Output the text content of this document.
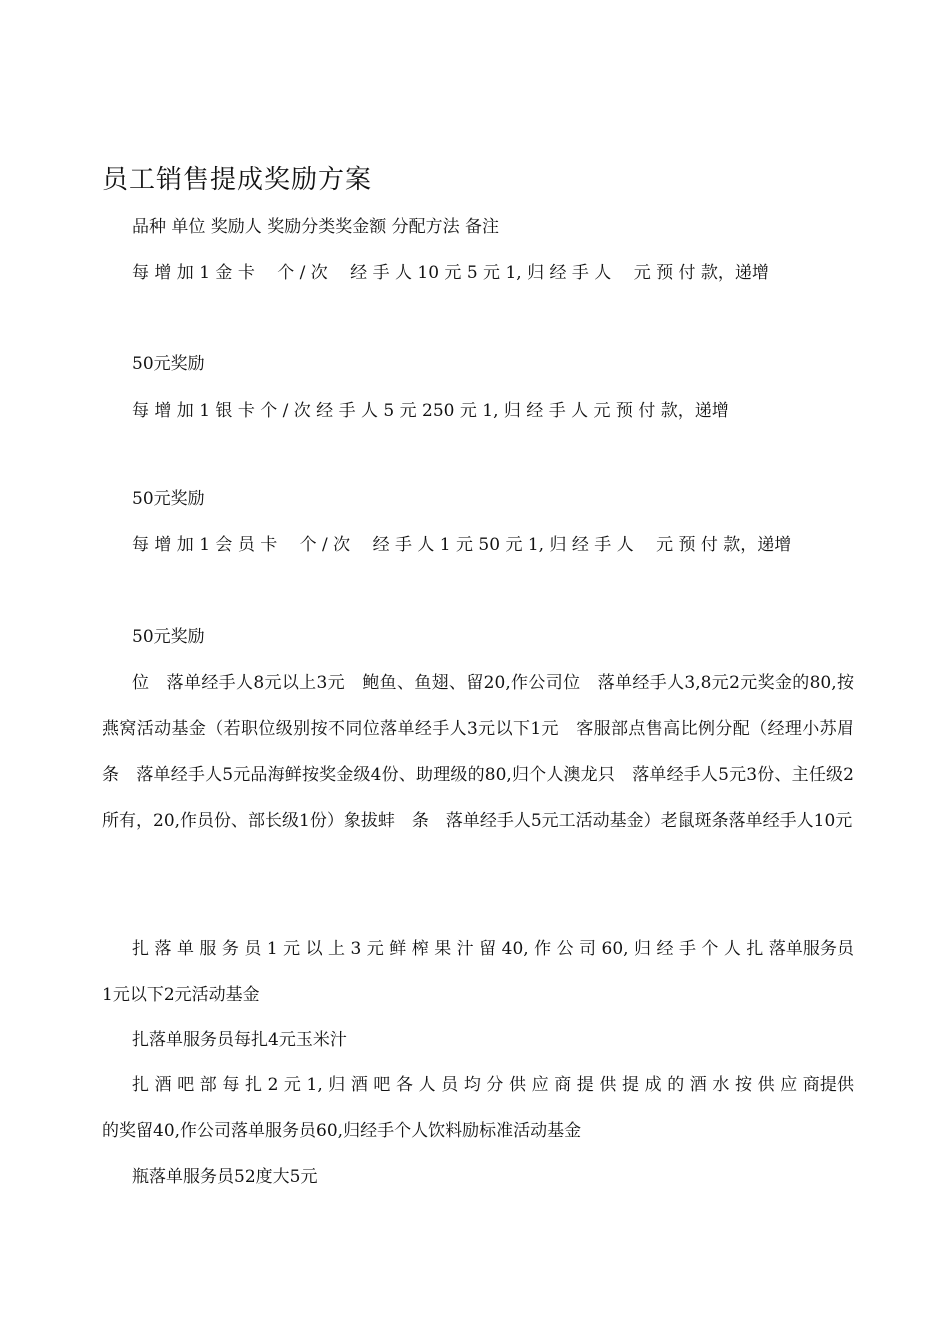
员工销售提成奖励方案
品种 单位 奖励人 奖励分类奖金额 分配方法 备注
每 增 加 1 金 卡　 个 / 次　 经 手 人 10 元 5 元 1, 归 经 手 人　 元 预 付 款，递增
50元奖励
每 增 加 1 银 卡 个 / 次 经 手 人 5 元 250 元 1, 归 经 手 人 元 预 付 款，递增
50元奖励
每 增 加 1 会 员 卡　 个 / 次　 经 手 人 1 元 50 元 1, 归 经 手 人　 元 预 付 款，递增
50元奖励
位　落单经手人8元以上3元　鲍鱼、鱼翅、留20,作公司位　落单经手人3,8元2元奖金的80,按燕窝活动基金（若职位级别按不同位落单经手人3元以下1元　客服部点售高比例分配（经理小苏眉条　落单经手人5元品海鲜按奖金级4份、助理级的80,归个人澳龙只　落单经手人5元3份、主任级2所有，20,作员份、部长级1份）象拔蚌　条　落单经手人5元工活动基金）老鼠斑条落单经手人10元
扎 落 单 服 务 员 1 元 以 上 3 元 鲜 榨 果 汁 留 40, 作 公 司 60, 归 经 手 个 人 扎 落单服务员1元以下2元活动基金
扎落单服务员每扎4元玉米汁
扎 酒 吧 部 每 扎 2 元 1, 归 酒 吧 各 人 员 均 分 供 应 商 提 供 提 成 的 酒 水 按 供 应 商提供的奖留40,作公司落单服务员60,归经手个人饮料励标准活动基金
瓶落单服务员52度大5元
